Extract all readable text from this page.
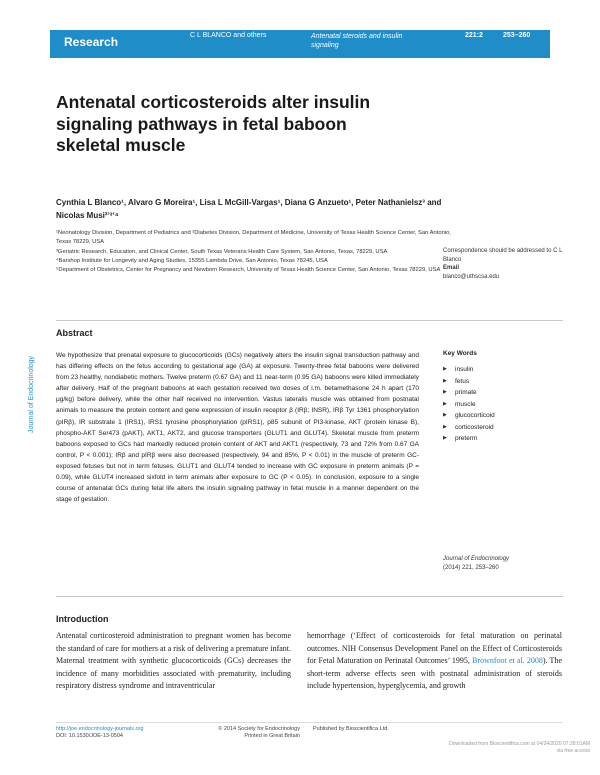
Research	C L BLANCO and others	Antenatal steroids and insulin signaling
221:2	253–260
Journal of Endocrinology
Antenatal corticosteroids alter insulin signaling pathways in fetal baboon skeletal muscle
Cynthia L Blanco¹, Alvaro G Moreira¹, Lisa L McGill-Vargas¹, Diana G Anzueto¹, Peter Nathanielsz³ and Nicolas Musi²ʼ³ʼ⁴
¹Neonatology Division, Department of Pediatrics and ²Diabetes Division, Department of Medicine, University of Texas Health Science Center, San Antonio, Texas 78229, USA
³Geriatric Research, Education, and Clinical Center, South Texas Veterans Health Care System, San Antonio, Texas, 78229, USA
⁴Barshop Institute for Longevity and Aging Studies, 15355 Lambda Drive, San Antonio, Texas 78245, USA
⁵Department of Obstetrics, Center for Pregnancy and Newborn Research, University of Texas Health Science Center, San Antonio, Texas 78229, USA
Correspondence should be addressed to C L Blanco
Email
blanco@uthscsa.edu
Abstract
We hypothesize that prenatal exposure to glucocorticoids (GCs) negatively alters the insulin signal transduction pathway and has differing effects on the fetus according to gestational age (GA) at exposure. Twenty-three fetal baboons were delivered from 23 healthy, nondiabetic mothers. Twelve preterm (0.67 GA) and 11 near-term (0.95 GA) baboons were killed immediately after delivery. Half of the pregnant baboons at each gestation received two doses of i.m. betamethasone 24 h apart (170 μg/kg) before delivery, while the other half received no intervention. Vastus lateralis muscle was obtained from postnatal animals to measure the protein content and gene expression of insulin receptor β (IRβ; INSR), IRβ Tyr 1361 phosphorylation (pIRβ), IR substrate 1 (IRS1), IRS1 tyrosine phosphorylation (pIRS1), p85 subunit of PI3-kinase, AKT (protein kinase B), phospho-AKT Ser473 (pAKT), AKT1, AKT2, and glucose transporters (GLUT1 and GLUT4). Skeletal muscle from preterm baboons exposed to GCs had markedly reduced protein content of AKT and AKT1 (respectively, 73 and 72% from 0.67 GA control, P < 0.001); IRβ and pIRβ were also decreased (respectively, 94 and 85%, P < 0.01) in the muscle of preterm GC-exposed fetuses but not in term fetuses. GLUT1 and GLUT4 tended to increase with GC exposure in preterm animals (P = 0.09), while GLUT4 increased sixfold in term animals after exposure to GC (P < 0.05). In conclusion, exposure to a single course of antenatal GCs during fetal life alters the insulin signaling pathway in fetal muscle in a manner dependent on the stage of gestation.
Key Words
▶ insulin
▶ fetus
▶ primate
▶ muscle
▶ glucocorticoid
▶ corticosteroid
▶ preterm
Journal of Endocrinology
(2014) 221, 253–260
Introduction
Antenatal corticosteroid administration to pregnant women has become the standard of care for mothers at a risk of delivering a premature infant. Maternal treatment with synthetic glucocorticoids (GCs) decreases the incidence of many morbidities associated with prematurity, including respiratory distress syndrome and intraventricular
hemorrhage (‘Effect of corticosteroids for fetal maturation on perinatal outcomes. NIH Consensus Development Panel on the Effect of Corticosteroids for Fetal Maturation on Perinatal Outcomes’ 1995, Brownfoot et al. 2008). The short-term adverse effects seen with postnatal administration of steroids include hypertension, hyperglycemia, and growth
http://joe.endocrinology-journals.org
DOI: 10.1530/JOE-13-0504
© 2014 Society for Endocrinology
Printed in Great Britain
Published by Bioscientifica Ltd.
Downloaded from Bioscientifica.com at 04/24/2020 07:28:01AM
via free access
